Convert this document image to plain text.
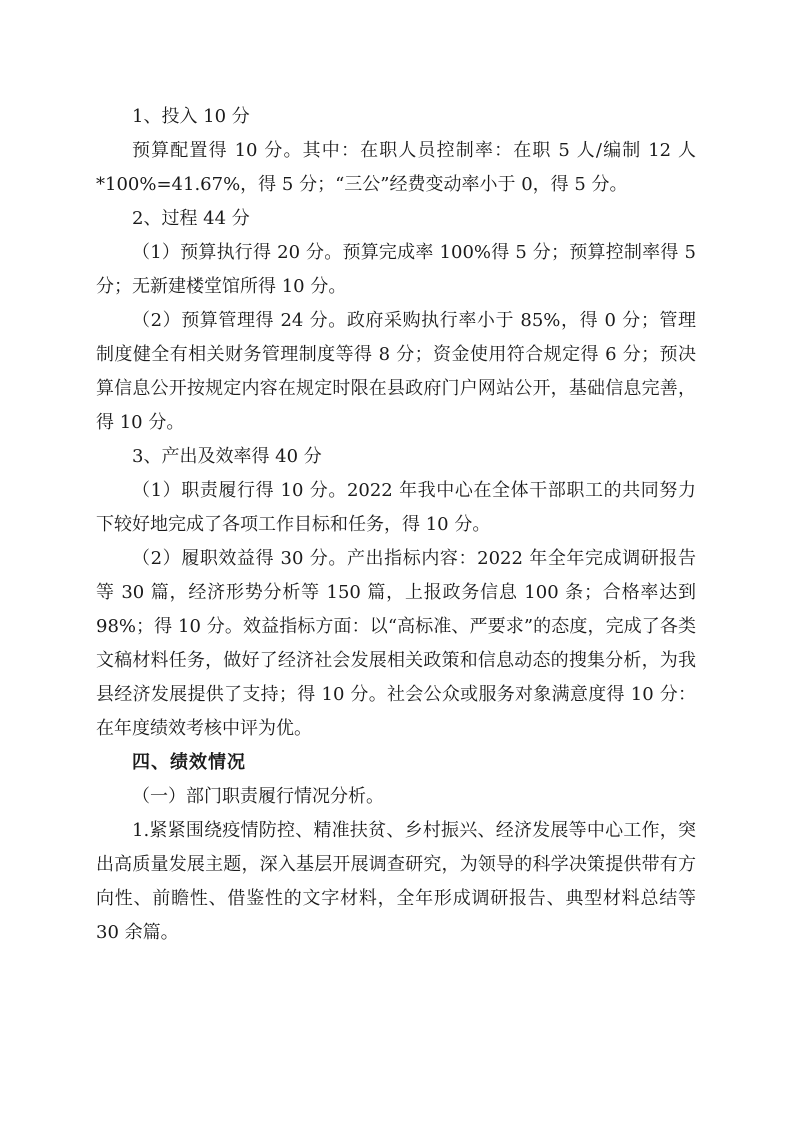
1、投入 10 分

预算配置得 10 分。其中：在职人员控制率：在职 5 人/编制 12 人*100%=41.67%，得 5 分；“三公”经费变动率小于 0，得 5 分。

2、过程 44 分

（1）预算执行得 20 分。预算完成率 100%得 5 分；预算控制率得 5 分；无新建楼堂馆所得 10 分。

（2）预算管理得 24 分。政府采购执行率小于 85%，得 0 分；管理制度健全有相关财务管理制度等得 8 分；资金使用符合规定得 6 分；预决算信息公开按规定内容在规定时限在县政府门户网站公开，基础信息完善，得 10 分。

3、产出及效率得 40 分

（1）职责履行得 10 分。2022 年我中心在全体干部职工的共同努力下较好地完成了各项工作目标和任务，得 10 分。

（2）履职效益得 30 分。产出指标内容：2022 年全年完成调研报告等 30 篇，经济形势分析等 150 篇，上报政务信息 100 条；合格率达到 98%；得 10 分。效益指标方面：以“高标准、严要求”的态度，完成了各类文稿材料任务，做好了经济社会发展相关政策和信息动态的搜集分析，为我县经济发展提供了支持；得 10 分。社会公众或服务对象满意度得 10 分：在年度绩效考核中评为优。

四、绩效情况

（一）部门职责履行情况分析。

1.紧紧围绕疫情防控、精准扶贫、乡村振兴、经济发展等中心工作，突出高质量发展主题，深入基层开展调查研究，为领导的科学决策提供带有方向性、前瞻性、借鉴性的文字材料，全年形成调研报告、典型材料总结等 30 余篇。
